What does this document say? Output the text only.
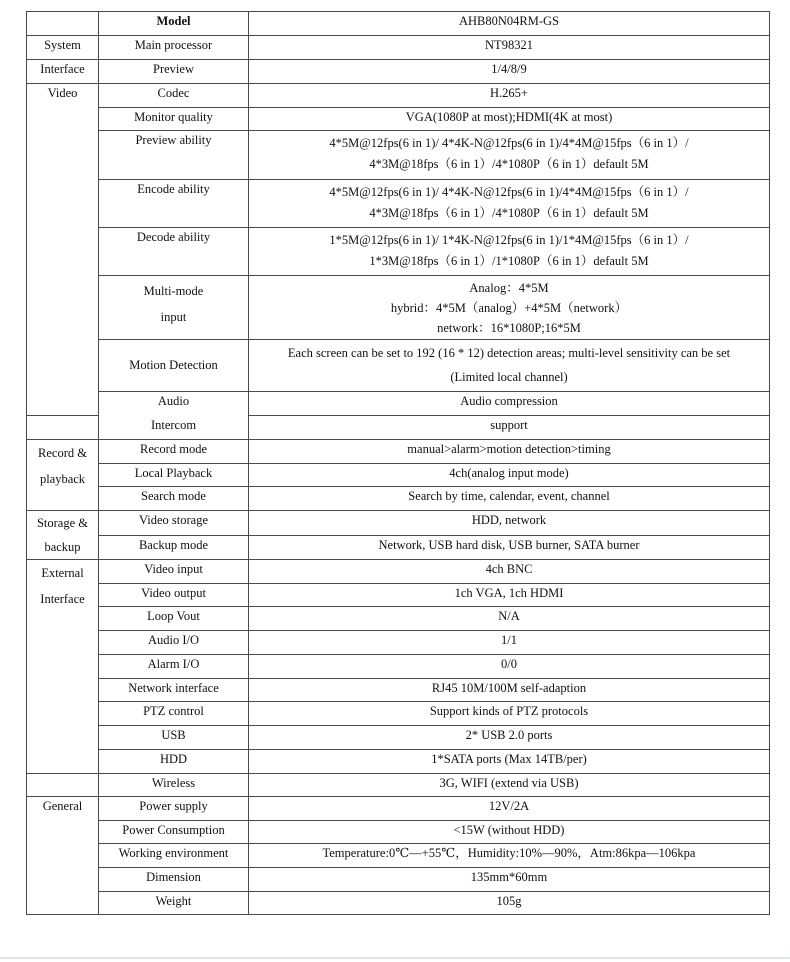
	Model	AHB80N04RM-GS	
System	Main processor	NT98321	
Interface	Preview	1/4/8/9	
Video	Codec	H.265+	
	Monitor quality	VGA(1080P at most);HDMI(4K at most)	
	Preview ability	4*5M@12fps(6 in 1)/ 4*4K-N@12fps(6 in 1)/4*4M@15fps（6 in 1）/
4*3M@18fps（6 in 1）/4*1080P（6 in 1）default 5M	

	Encode ability	4*5M@12fps(6 in 1)/ 4*4K-N@12fps(6 in 1)/4*4M@15fps（6 in 1）/
4*3M@18fps（6 in 1）/4*1080P（6 in 1）default 5M	

	Decode ability	1*5M@12fps(6 in 1)/ 1*4K-N@12fps(6 in 1)/1*4M@15fps（6 in 1）/
1*3M@18fps（6 in 1）/1*1080P（6 in 1）default 5M	

	Multi-mode
input	Analog：4*5M
hybrid：4*5M（analog）+4*5M（network）
network：16*1080P;16*5M	

	Motion Detection	Each screen can be set to 192 (16 * 12) detection areas; multi-level sensitivity can be set
(Limited local channel)	

	Audio	Audio compression	
	Intercom	support	

Record &
playback	Record mode	manual>alarm>motion detection>timing	
	Local Playback	4ch(analog input mode)	
	Search mode	Search by time, calendar, event, channel	

Storage &
backup	Video storage	HDD, network	
	Backup mode	Network, USB hard disk, USB burner, SATA burner	

External
Interface	Video input	4ch BNC	
	Video output	1ch VGA, 1ch HDMI	
	Loop Vout	N/A	
	Audio I/O	1/1	
	Alarm I/O	0/0	
	Network interface	RJ45 10M/100M self-adaption	
	PTZ control	Support kinds of PTZ protocols	
	USB	2* USB 2.0 ports	
	HDD	1*SATA ports (Max 14TB/per)	
	Wireless	3G, WIFI (extend via USB)	
General	Power supply	12V/2A	
	Power Consumption	<15W (without HDD)	
	Working environment	Temperature:0℃—+55℃，Humidity:10%—90%，Atm:86kpa—106kpa	
	Dimension	135mm*60mm	
	Weight	105g	
